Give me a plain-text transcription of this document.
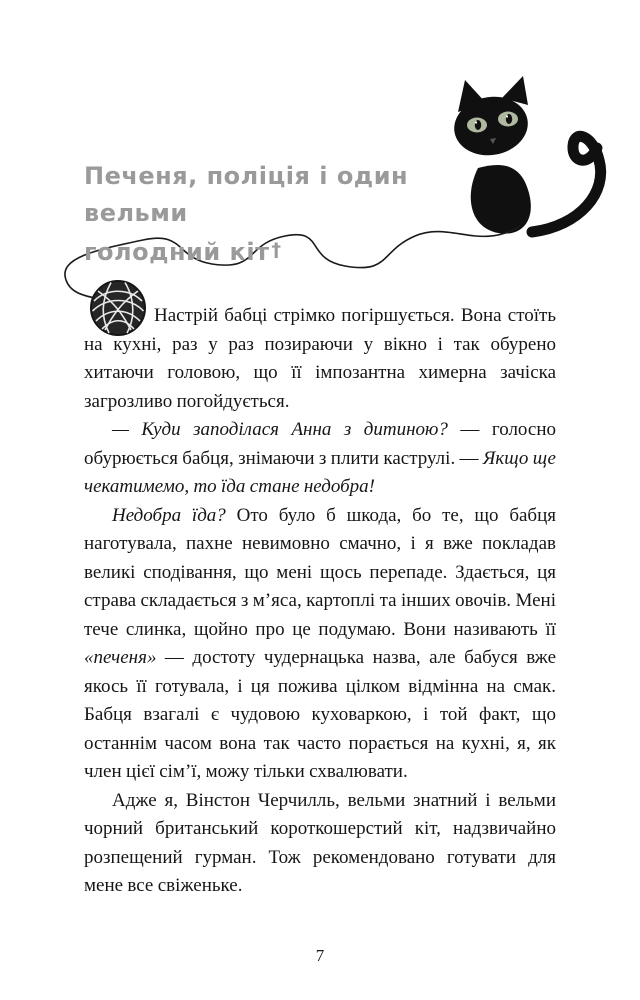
Печеня, поліція і один вельми
голодний кіт †

Настрій бабці стрімко погіршується. Вона стоїть на кухні, раз у раз позираючи у вікно і так обурено хитаючи головою, що її імпозантна химерна зачіска загрозливо погойдується.

— Куди заподілася Анна з дитиною? — голосно обурюється бабця, знімаючи з плити каструлі. — Якщо ще чекатимемо, то їда стане недобра!

Недобра їда? Ото було б шкода, бо те, що бабця наготувала, пахне невимовно смачно, і я вже покладав великі сподівання, що мені щось перепаде. Здається, ця страва складається з м’яса, картоплі та інших овочів. Мені тече слинка, щойно про це подумаю. Вони називають її «печеня» — достоту чудернацька назва, але бабуся вже якось її готувала, і ця пожива цілком відмінна на смак. Бабця взагалі є чудовою куховаркою, і той факт, що останнім часом вона так часто порається на кухні, я, як член цієї сім’ї, можу тільки схвалювати.

Адже я, Вінстон Черчилль, вельми знатний і вельми чорний британський короткошерстий кіт, надзвичайно розпещений гурман. Тож рекомендовано готувати для мене все свіженьке.

7
